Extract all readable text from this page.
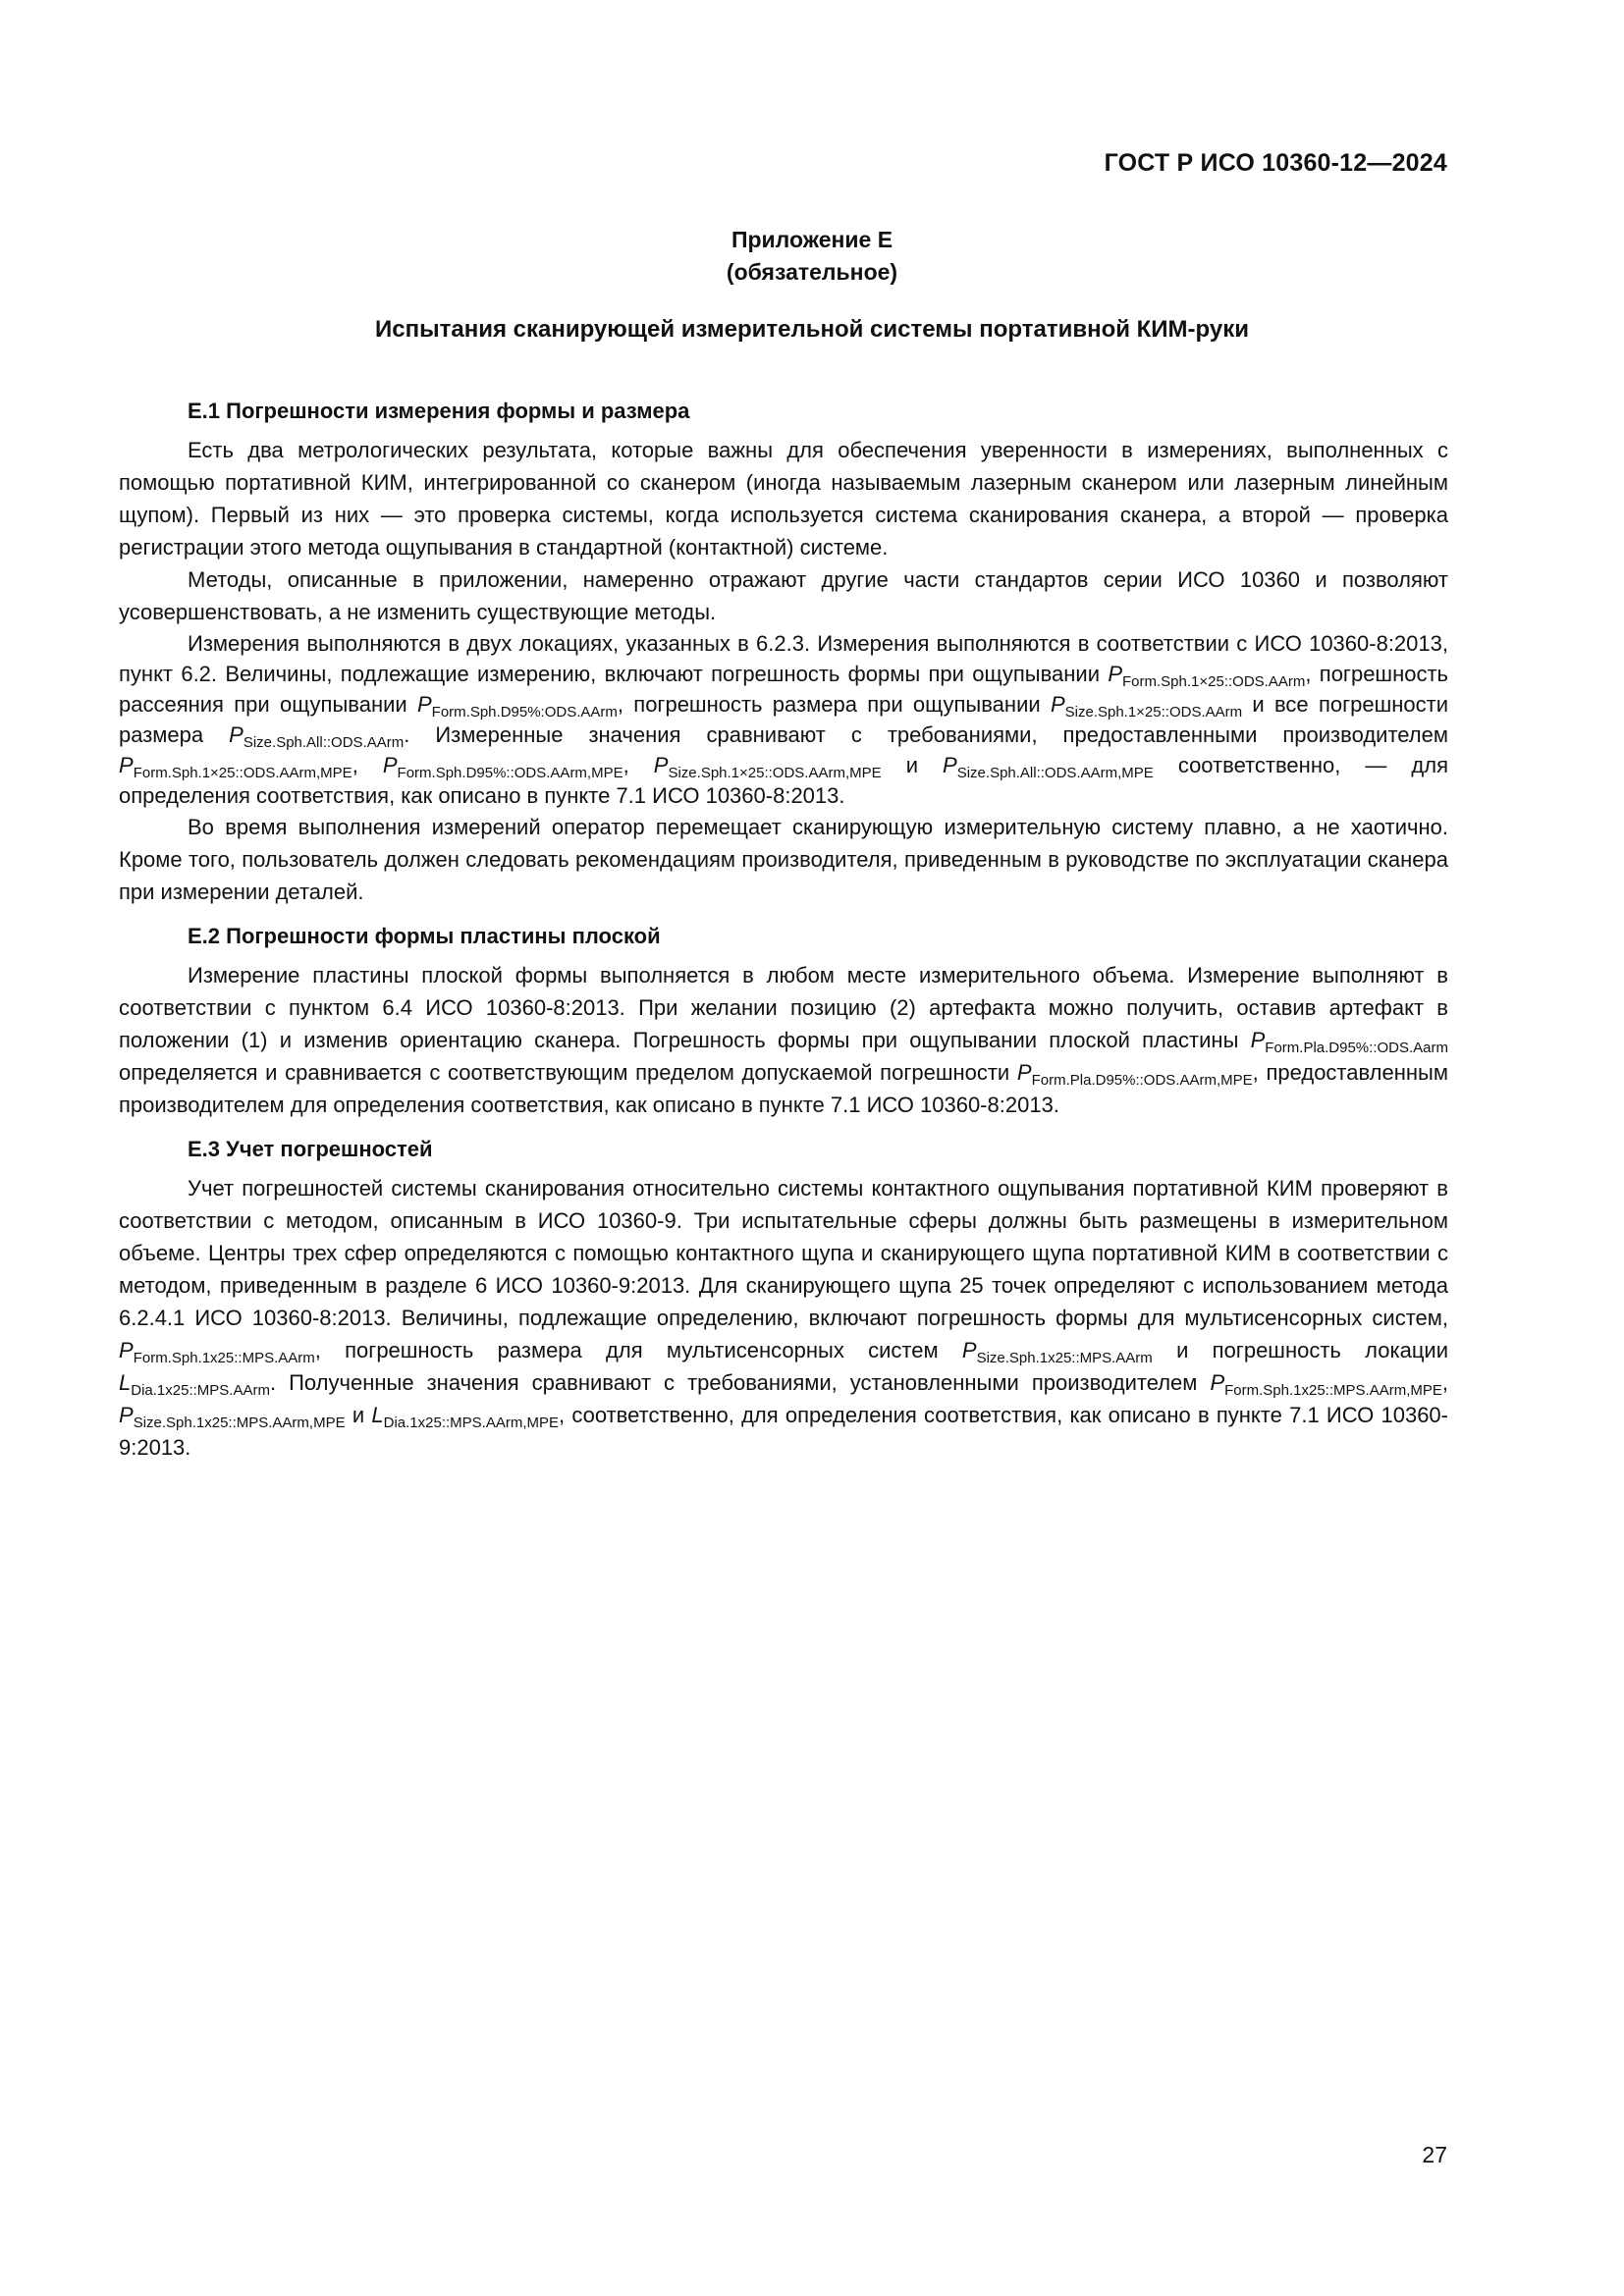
ГОСТ Р ИСО 10360-12—2024
Приложение Е
(обязательное)
Испытания сканирующей измерительной системы портативной КИМ-руки
Е.1 Погрешности измерения формы и размера

Есть два метрологических результата, которые важны для обеспечения уверенности в измерениях, выполненных с помощью портативной КИМ, интегрированной со сканером (иногда называемым лазерным сканером или лазерным линейным щупом). Первый из них — это проверка системы, когда используется система сканирования сканера, а второй — проверка регистрации этого метода ощупывания в стандартной (контактной) системе.

Методы, описанные в приложении, намеренно отражают другие части стандартов серии ИСО 10360 и позволяют усовершенствовать, а не изменить существующие методы.

Измерения выполняются в двух локациях, указанных в 6.2.3. Измерения выполняются в соответствии с ИСО 10360-8:2013, пункт 6.2. Величины, подлежащие измерению, включают погрешность формы при ощупывании $P_{Form.Sph.1\times 25::ODS.AArm}$, погрешность рассеяния при ощупывании $P_{Form.Sph.D95\%:ODS.AArm}$, погрешность размера при ощупывании $P_{Size.Sph.1\times 25::ODS.AArm}$ и все погрешности размера $P_{Size.Sph.All::ODS.AArm}$. Измеренные значения сравнивают с требованиями, предоставленными производителем $P_{Form.Sph.1\times 25::ODS.AArm,MPE}$, $P_{Form.Sph.D95\%::ODS.AArm,MPE}$, $P_{Size.Sph.1\times 25::ODS.AArm,MPE}$ и $P_{Size.Sph.All::ODS.AArm,MPE}$ соответственно, — для определения соответствия, как описано в пункте 7.1 ИСО 10360-8:2013.

Во время выполнения измерений оператор перемещает сканирующую измерительную систему плавно, а не хаотично. Кроме того, пользователь должен следовать рекомендациям производителя, приведенным в руководстве по эксплуатации сканера при измерении деталей.

Е.2 Погрешности формы пластины плоской

Измерение пластины плоской формы выполняется в любом месте измерительного объема. Измерение выполняют в соответствии с пунктом 6.4 ИСО 10360-8:2013. При желании позицию (2) артефакта можно получить, оставив артефакт в положении (1) и изменив ориентацию сканера. Погрешность формы при ощупывании плоской пластины $P_{Form.Pla.D95\%::ODS.Aarm}$ определяется и сравнивается с соответствующим пределом допускаемой погрешности $P_{Form.Pla.D95\%::ODS.AArm,MPE}$, предоставленным производителем для определения соответствия, как описано в пункте 7.1 ИСО 10360-8:2013.

Е.3 Учет погрешностей

Учет погрешностей системы сканирования относительно системы контактного ощупывания портативной КИМ проверяют в соответствии с методом, описанным в ИСО 10360-9. Три испытательные сферы должны быть размещены в измерительном объеме. Центры трех сфер определяются с помощью контактного щупа и сканирующего щупа портативной КИМ в соответствии с методом, приведенным в разделе 6 ИСО 10360-9:2013. Для сканирующего щупа 25 точек определяют с использованием метода 6.2.4.1 ИСО 10360-8:2013. Величины, подлежащие определению, включают погрешность формы для мультисенсорных систем, $P_{Form.Sph.1x25::MPS.AArm}$, погрешность размера для мультисенсорных систем $P_{Size.Sph.1x25::MPS.AArm}$ и погрешность локации $L_{Dia.1x25::MPS.AArm}$. Полученные значения сравнивают с требованиями, установленными производителем $P_{Form.Sph.1x25::MPS.AArm,MPE}$, $P_{Size.Sph.1x25::MPS.AArm,MPE}$ и $L_{Dia.1x25::MPS.AArm,MPE}$, соответственно, для определения соответствия, как описано в пункте 7.1 ИСО 10360-9:2013.

27
